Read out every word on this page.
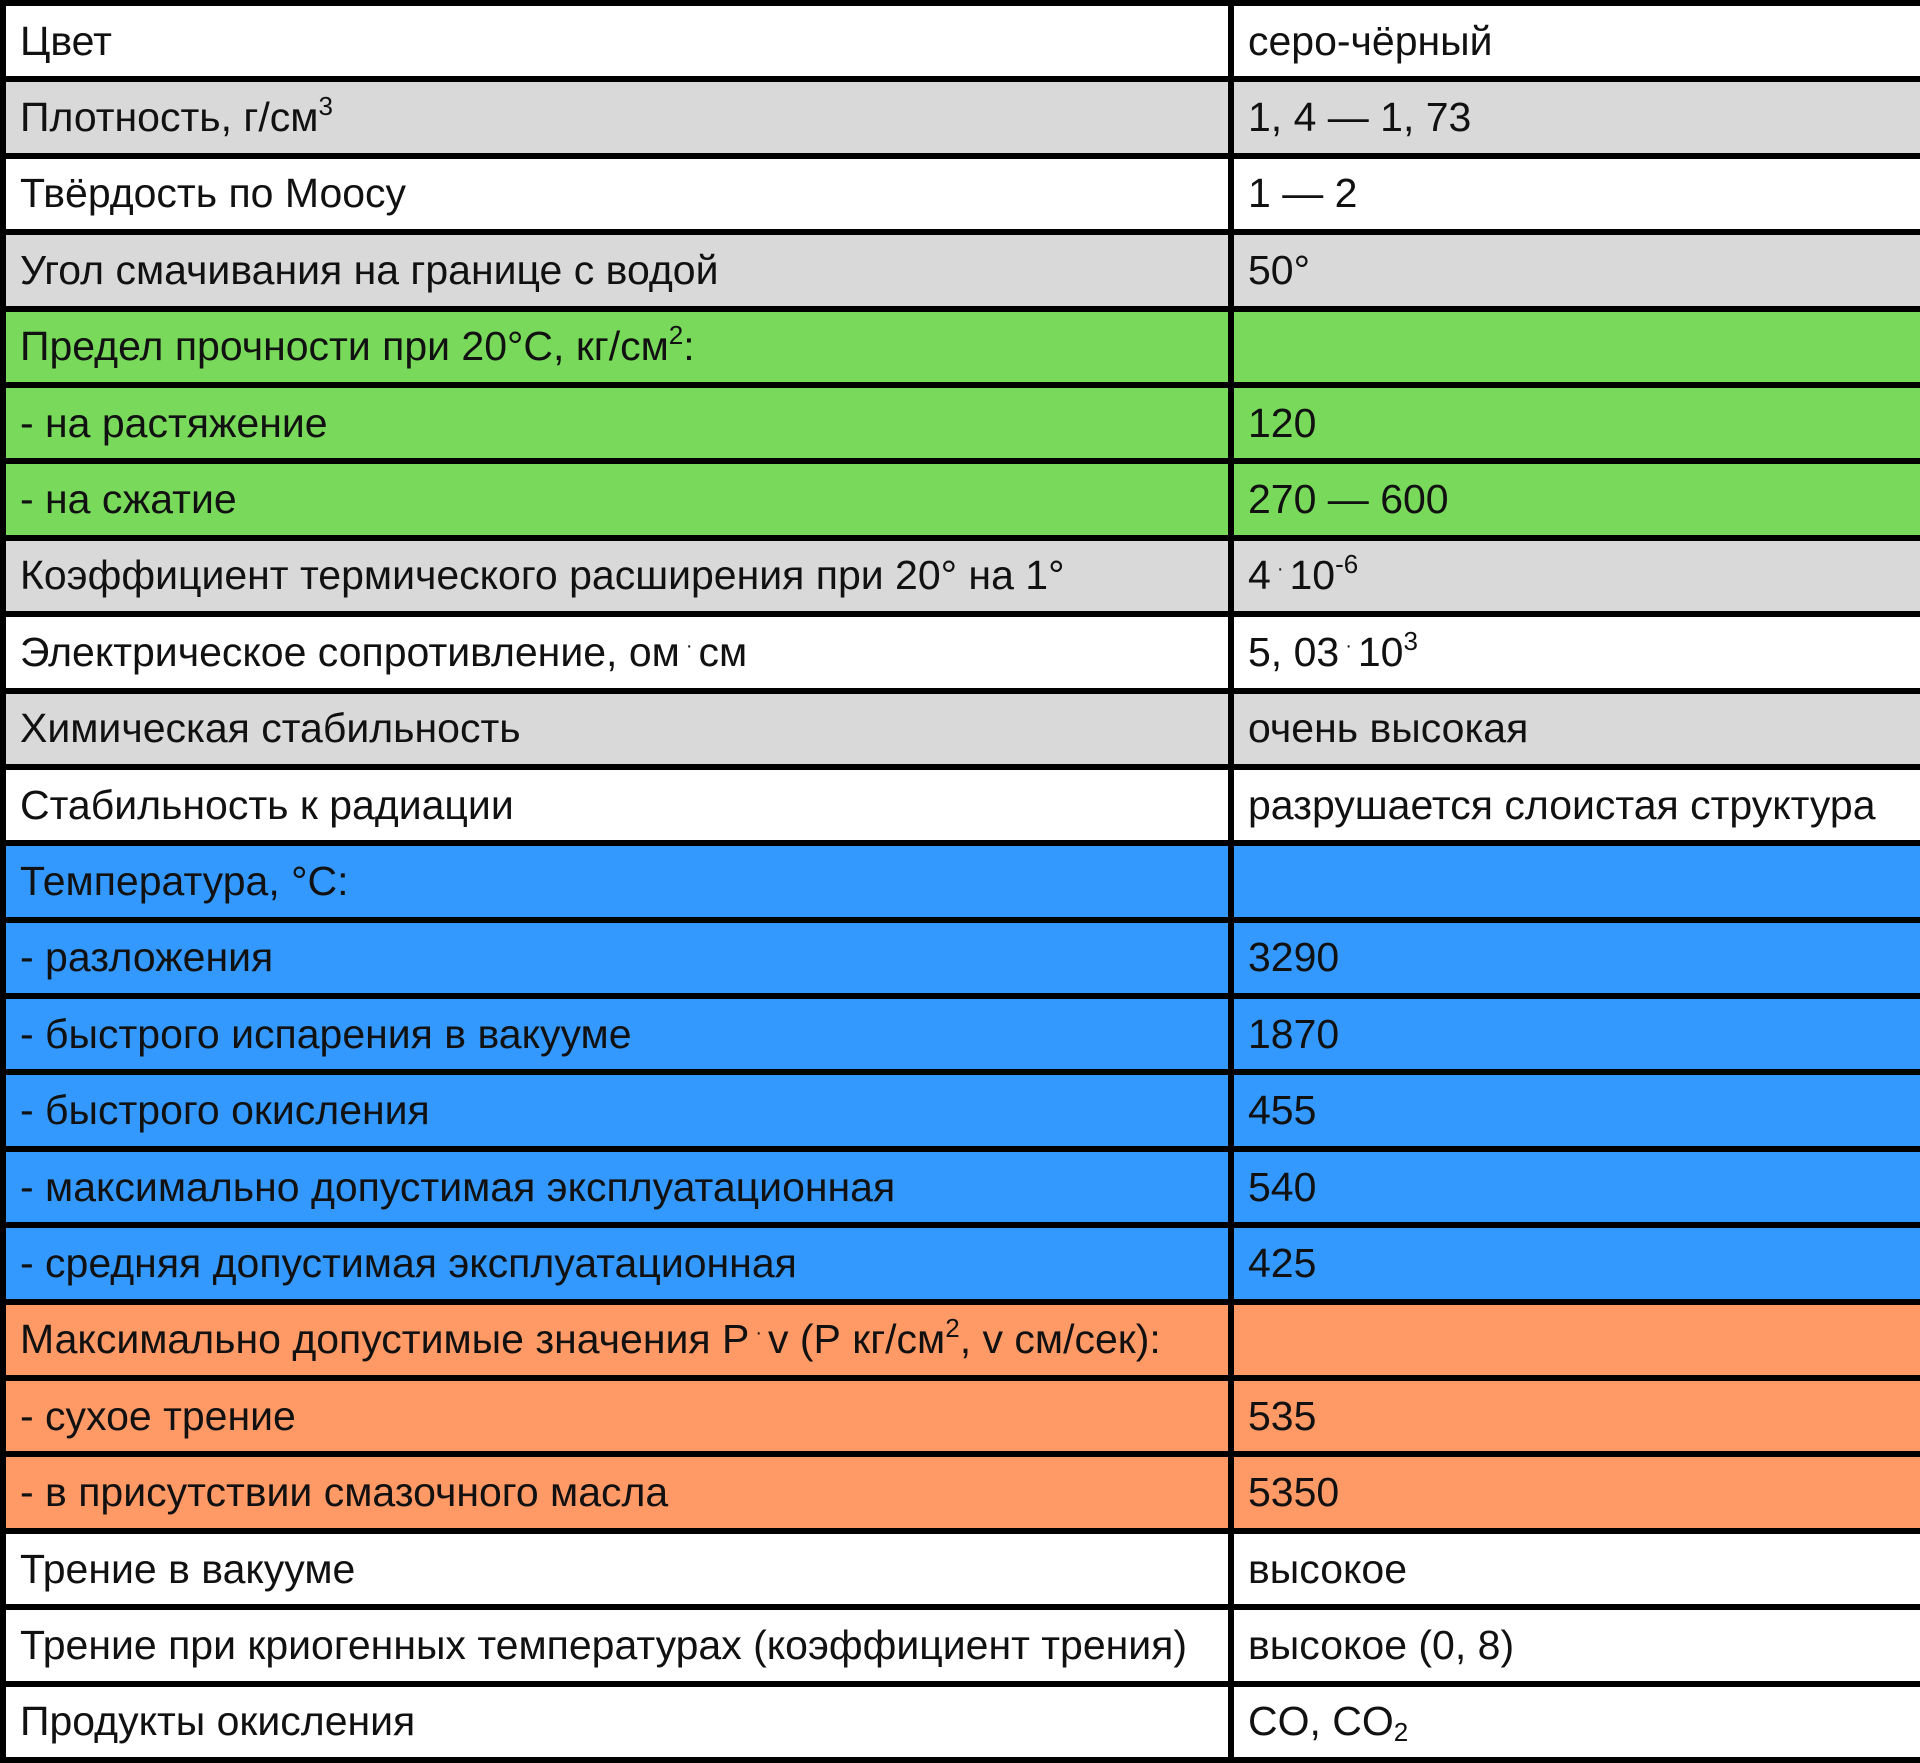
Цвет	серо-чёрный
Плотность, $г/см^3$	1, 4 — 1, 73
Твёрдость по Моосу	1 — 2
Угол смачивания на границе с водой	50°
Предел прочности при 20°С, $кг/см^2$:	
- на растяжение	120
- на сжатие	270 — 600
Коэффициент термического расширения при 20° на 1°	4 · $10^{-6}$
Электрическое сопротивление, ом · см	5, 03 · $10^3$
Химическая стабильность	очень высокая
Стабильность к радиации	разрушается слоистая структура
Температура, °С:	
- разложения	3290
- быстрого испарения в вакууме	1870
- быстрого окисления	455
- максимально допустимая эксплуатационная	540
- средняя допустимая эксплуатационная	425
Максимально допустимые значения Р · v (Р $кг/см^2$, v см/сек):	
- сухое трение	535
- в присутствии смазочного масла	5350
Трение в вакууме	высокое
Трение при криогенных температурах (коэффициент трения)	высокое (0, 8)
Продукты окисления	CO, $CO_2$
